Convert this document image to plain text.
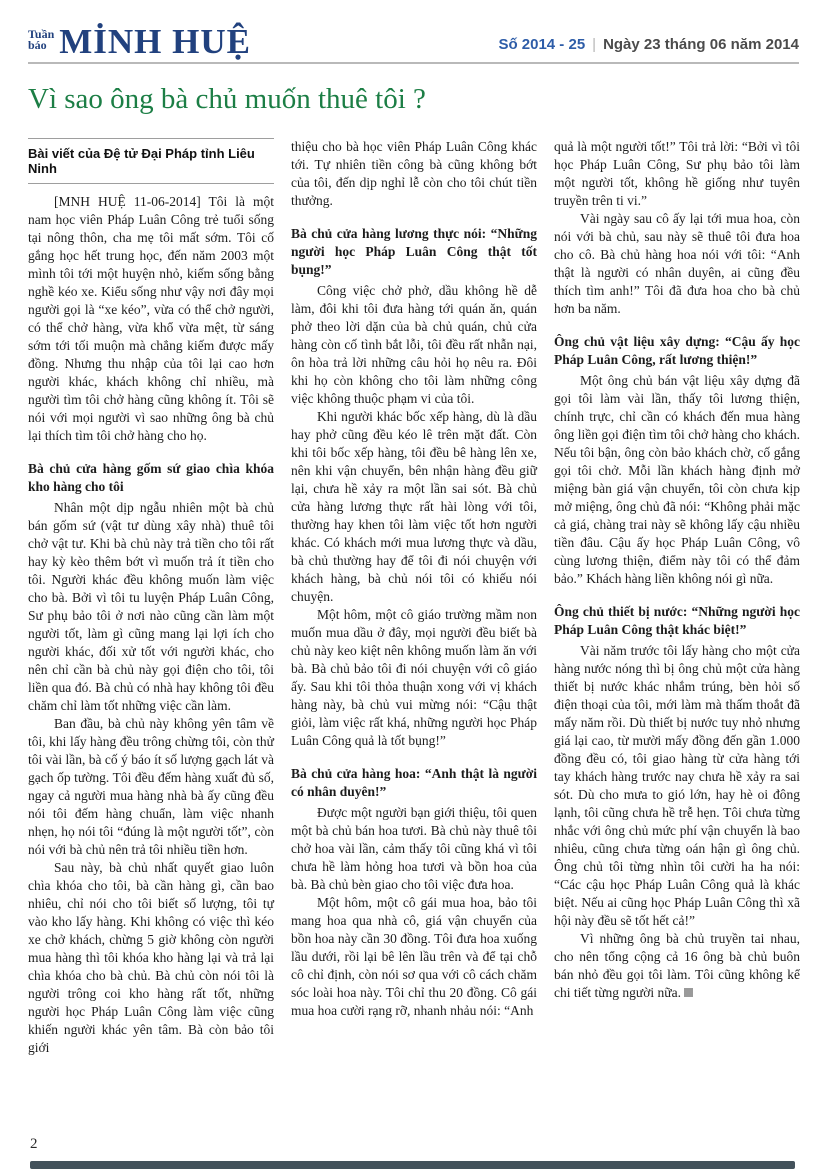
Tuần
báo MİNH HUỆ	Số 2014 - 25 | Ngày 23 tháng 06 năm 2014
Vì sao ông bà chủ muốn thuê tôi ?
Bài viết của Đệ tử Đại Pháp tỉnh Liêu Ninh
[MNH HUỆ 11-06-2014] Tôi là một nam học viên Pháp Luân Công trẻ tuổi sống tại nông thôn, cha mẹ tôi mất sớm. Tôi cố gắng học hết trung học, đến năm 2003 một mình tôi tới một huyện nhỏ, kiếm sống bằng nghề kéo xe. Kiểu sống như vậy nơi đây mọi người gọi là “xe kéo”, vừa có thể chở người, có thể chở hàng, vừa khổ vừa mệt, từ sáng sớm tới tối muộn mà chẳng kiếm được mấy đồng. Nhưng thu nhập của tôi lại cao hơn người khác, khách không chỉ nhiều, mà người tìm tôi chở hàng cũng không ít. Tôi sẽ nói với mọi người vì sao những ông bà chủ lại thích tìm tôi chở hàng cho họ.
Bà chủ cửa hàng gốm sứ giao chìa khóa kho hàng cho tôi
Nhân một dịp ngẫu nhiên một bà chủ bán gốm sứ (vật tư dùng xây nhà) thuê tôi chở vật tư. Khi bà chủ này trả tiền cho tôi rất hay kỳ kèo thêm bớt vì muốn trả ít tiền cho tôi. Người khác đều không muốn làm việc cho bà. Bởi vì tôi tu luyện Pháp Luân Công, Sư phụ bảo tôi ở nơi nào cũng cần làm một người tốt, làm gì cũng mang lại lợi ích cho người khác, đối xử tốt với người khác, cho nên chỉ cần bà chủ này gọi điện cho tôi, tôi liền qua đó. Bà chủ có nhà hay không tôi đều chăm chỉ làm tốt những việc cần làm.
Ban đầu, bà chủ này không yên tâm về tôi, khi lấy hàng đều trông chừng tôi, còn thử tôi vài lần, bà cố ý báo ít số lượng gạch lát và gạch ốp tường. Tôi đều đếm hàng xuất đủ số, ngay cả người mua hàng nhà bà ấy cũng đều nói tôi đếm hàng chuẩn, làm việc nhanh nhẹn, họ nói tôi “đúng là một người tốt”, còn nói với bà chủ nên trả tôi nhiều tiền hơn.
Sau này, bà chủ nhất quyết giao luôn chìa khóa cho tôi, bà cần hàng gì, cần bao nhiêu, chỉ nói cho tôi biết số lượng, tôi tự vào kho lấy hàng. Khi không có việc thì kéo xe chở khách, chừng 5 giờ không còn người mua hàng thì tôi khóa kho hàng lại và trả lại chìa khóa cho bà chủ. Bà chủ còn nói tôi là người trông coi kho hàng rất tốt, những người học Pháp Luân Công làm việc cũng khiến người khác yên tâm. Bà còn bảo tôi giới
thiệu cho bà học viên Pháp Luân Công khác tới. Tự nhiên tiền công bà cũng không bớt của tôi, đến dịp nghỉ lễ còn cho tôi chút tiền thưởng.
Bà chủ cửa hàng lương thực nói: “Những người học Pháp Luân Công thật tốt bụng!”
Công việc chở phở, dầu không hề dễ làm, đôi khi tôi đưa hàng tới quán ăn, quán phở theo lời dặn của bà chủ quán, chủ cửa hàng còn cố tình bắt lỗi, tôi đều rất nhẫn nại, ôn hòa trả lời những câu hỏi họ nêu ra. Đôi khi họ còn không cho tôi làm những công việc không thuộc phạm vi của tôi.
Khi người khác bốc xếp hàng, dù là dầu hay phở cũng đều kéo lê trên mặt đất. Còn khi tôi bốc xếp hàng, tôi đều bê hàng lên xe, nên khi vận chuyển, bên nhận hàng đều giữ lại, chưa hề xảy ra một lần sai sót. Bà chủ cửa hàng lương thực rất hài lòng với tôi, thường hay khen tôi làm việc tốt hơn người khác. Có khách mới mua lương thực và dầu, bà chủ thường hay để tôi đi nói chuyện với khách hàng, bà chủ nói tôi có khiếu nói chuyện.
Một hôm, một cô giáo trường mầm non muốn mua dầu ở đây, mọi người đều biết bà chủ này keo kiệt nên không muốn làm ăn với bà. Bà chủ bảo tôi đi nói chuyện với cô giáo ấy. Sau khi tôi thỏa thuận xong với vị khách hàng này, bà chủ vui mừng nói: “Cậu thật giỏi, làm việc rất khá, những người học Pháp Luân Công quả là tốt bụng!”
Bà chủ cửa hàng hoa: “Anh thật là người có nhân duyên!”
Được một người bạn giới thiệu, tôi quen một bà chủ bán hoa tươi. Bà chủ này thuê tôi chở hoa vài lần, cảm thấy tôi cũng khá vì tôi chưa hề làm hỏng hoa tươi và bồn hoa của bà. Bà chủ bèn giao cho tôi việc đưa hoa.
Một hôm, một cô gái mua hoa, bảo tôi mang hoa qua nhà cô, giá vận chuyển của bồn hoa này cần 30 đồng. Tôi đưa hoa xuống lầu dưới, rồi lại bê lên lầu trên và để tại chỗ cô chỉ định, còn nói sơ qua với cô cách chăm sóc loài hoa này. Tôi chỉ thu 20 đồng. Cô gái mua hoa cười rạng rỡ, nhanh nhảu nói: “Anh
quả là một người tốt!” Tôi trả lời: “Bởi vì tôi học Pháp Luân Công, Sư phụ bảo tôi làm một người tốt, không hề giống như tuyên truyền trên ti vi.”
Vài ngày sau cô ấy lại tới mua hoa, còn nói với bà chủ, sau này sẽ thuê tôi đưa hoa cho cô. Bà chủ hàng hoa nói với tôi: “Anh thật là người có nhân duyên, ai cũng đều thích tìm anh!” Tôi đã đưa hoa cho bà chủ hơn ba năm.
Ông chủ vật liệu xây dựng: “Cậu ấy học Pháp Luân Công, rất lương thiện!”
Một ông chủ bán vật liệu xây dựng đã gọi tôi làm vài lần, thấy tôi lương thiện, chính trực, chỉ cần có khách đến mua hàng ông liền gọi điện tìm tôi chở hàng cho khách. Nếu tôi bận, ông còn bảo khách chờ, cố gắng gọi tôi chở. Mỗi lần khách hàng định mở miệng bàn giá vận chuyển, tôi còn chưa kịp mở miệng, ông chủ đã nói: “Không phải mặc cả giá, chàng trai này sẽ không lấy cậu nhiều tiền đâu. Cậu ấy học Pháp Luân Công, vô cùng lương thiện, điểm này tôi có thể đảm bảo.” Khách hàng liền không nói gì nữa.
Ông chủ thiết bị nước: “Những người học Pháp Luân Công thật khác biệt!”
Vài năm trước tôi lấy hàng cho một cửa hàng nước nóng thì bị ông chủ một cửa hàng thiết bị nước khác nhắm trúng, bèn hỏi số điện thoại của tôi, mới làm mà thấm thoắt đã mấy năm rồi. Dù thiết bị nước tuy nhỏ nhưng giá lại cao, từ mười mấy đồng đến gần 1.000 đồng đều có, tôi giao hàng từ cửa hàng tới tay khách hàng trước nay chưa hề xảy ra sai sót. Dù cho mưa to gió lớn, hay hè oi đông lạnh, tôi cũng chưa hề trễ hẹn. Tôi chưa từng nhắc với ông chủ mức phí vận chuyển là bao nhiêu, cũng chưa từng oán hận gì ông chủ. Ông chủ tôi từng nhìn tôi cười ha ha nói: “Các cậu học Pháp Luân Công quả là khác biệt. Nếu ai cũng học Pháp Luân Công thì xã hội này đều sẽ tốt hết cả!”
Vì những ông bà chủ truyền tai nhau, cho nên tổng cộng cả 16 ông bà chủ buôn bán nhỏ đều gọi tôi làm. Tôi cũng không kể chi tiết từng người nữa.
2
